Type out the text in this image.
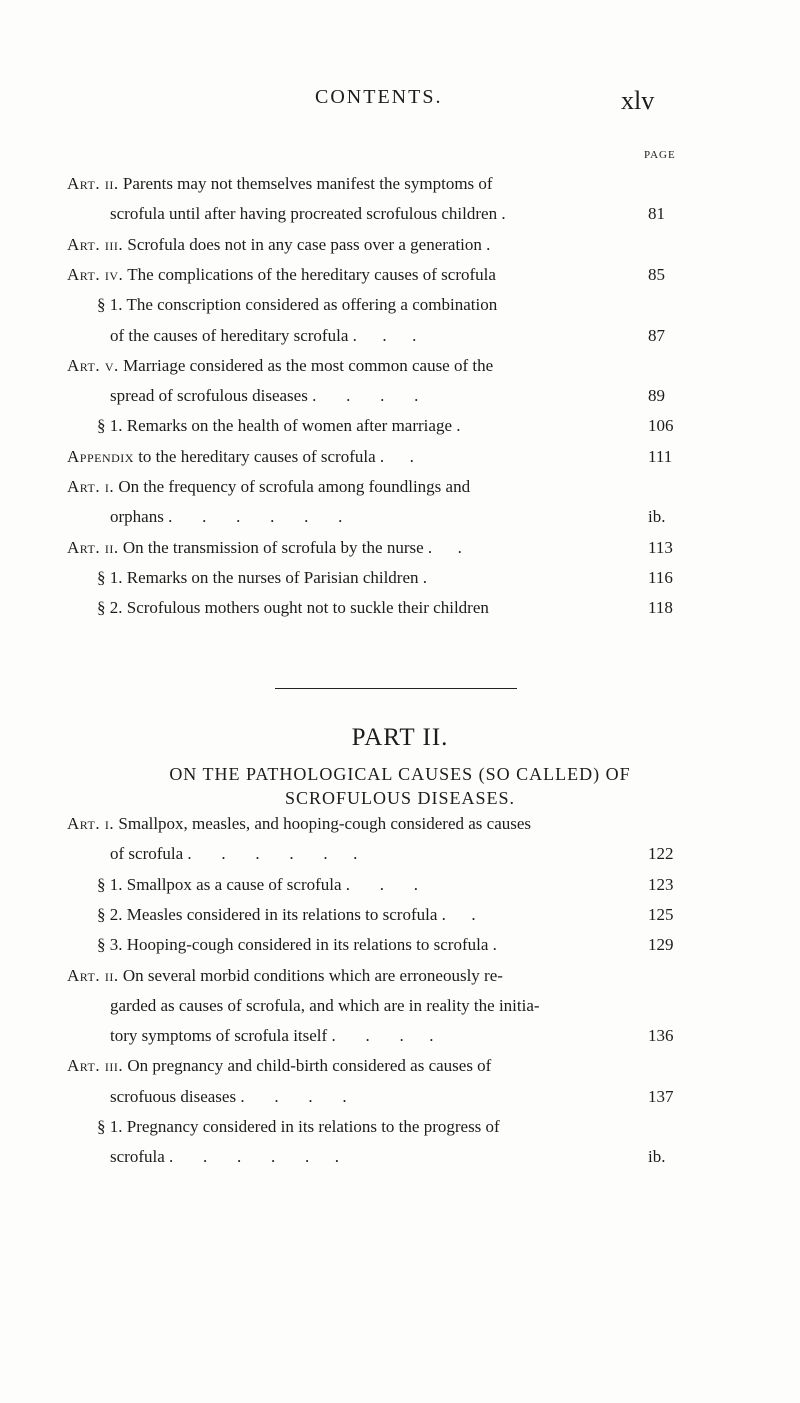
CONTENTS.	xlv
PAGE
Art. ii. Parents may not themselves manifest the symptoms of
scrofula until after having procreated scrofulous children .	81
Art. iii. Scrofula does not in any case pass over a generation .
Art. iv. The complications of the hereditary causes of scrofula	85
§ 1. The conscription considered as offering a combination
of the causes of hereditary scrofula .      .      .	87
Art. v. Marriage considered as the most common cause of the
spread of scrofulous diseases .       .       .       .	89
§ 1. Remarks on the health of women after marriage .	106
Appendix to the hereditary causes of scrofula .      .	111
Art. i. On the frequency of scrofula among foundlings and
orphans .       .       .       .       .       .	ib.
Art. ii. On the transmission of scrofula by the nurse .      .	113
§ 1. Remarks on the nurses of Parisian children .	116
§ 2. Scrofulous mothers ought not to suckle their children	118
Art. i. Smallpox, measles, and hooping-cough considered as causes
of scrofula .       .       .       .       .      .	122
§ 1. Smallpox as a cause of scrofula .       .       .	123
§ 2. Measles considered in its relations to scrofula .      .	125
§ 3. Hooping-cough considered in its relations to scrofula .	129
Art. ii. On several morbid conditions which are erroneously re-
garded as causes of scrofula, and which are in reality the initia-
tory symptoms of scrofula itself .       .       .      .	136
Art. iii. On pregnancy and child-birth considered as causes of
scrofuous diseases .       .       .       .	137
§ 1. Pregnancy considered in its relations to the progress of
scrofula .       .       .       .       .      .	ib.
PART II.
ON THE PATHOLOGICAL CAUSES (SO CALLED) OF
SCROFULOUS DISEASES.
